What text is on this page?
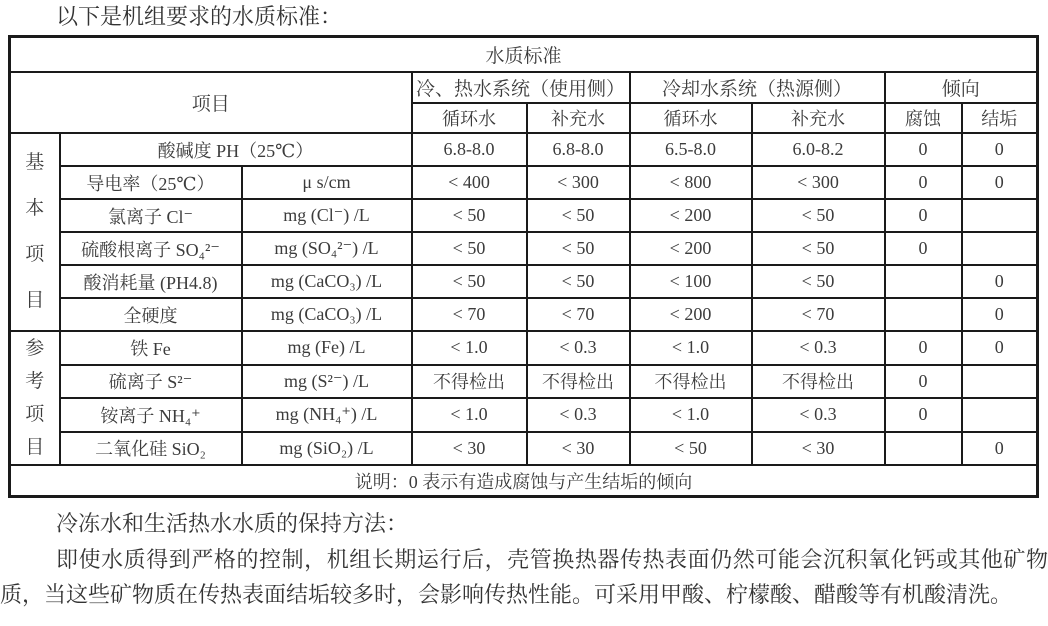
以下是机组要求的水质标准：

水质标准								
项目			冷、热水系统（使用侧）		冷却水系统（热源侧）		倾向	
			循环水	补充水	循环水	补充水	腐蚀	结垢

基本项目	酸碱度 PH（25℃）		6.8-8.0	6.8-8.0	6.5-8.0	6.0-8.2	0	0
	导电率（25℃）	μ s/cm	< 400	< 300	< 800	< 300	0	0
	氯离子 Cl⁻	mg (Cl⁻) /L	< 50	< 50	< 200	< 50	0	
	硫酸根离子 SO₄²⁻	mg (SO₄²⁻) /L	< 50	< 50	< 200	< 50	0	
	酸消耗量 (PH4.8)	mg (CaCO₃) /L	< 50	< 50	< 100	< 50		0
	全硬度	mg (CaCO₃) /L	< 70	< 70	< 200	< 70		0

参考项目	铁 Fe	mg (Fe) /L	< 1.0	< 0.3	< 1.0	< 0.3	0	0
	硫离子 S²⁻	mg (S²⁻) /L	不得检出	不得检出	不得检出	不得检出	0	
	铵离子 NH₄⁺	mg (NH₄⁺) /L	< 1.0	< 0.3	< 1.0	< 0.3	0	
	二氧化硅 SiO₂	mg (SiO₂) /L	< 30	< 30	< 50	< 30		0
说明：0 表示有造成腐蚀与产生结垢的倾向								

冷冻水和生活热水水质的保持方法：

即使水质得到严格的控制，机组长期运行后，壳管换热器传热表面仍然可能会沉积氧化钙或其他矿物质，当这些矿物质在传热表面结垢较多时，会影响传热性能。可采用甲酸、柠檬酸、醋酸等有机酸清洗。
